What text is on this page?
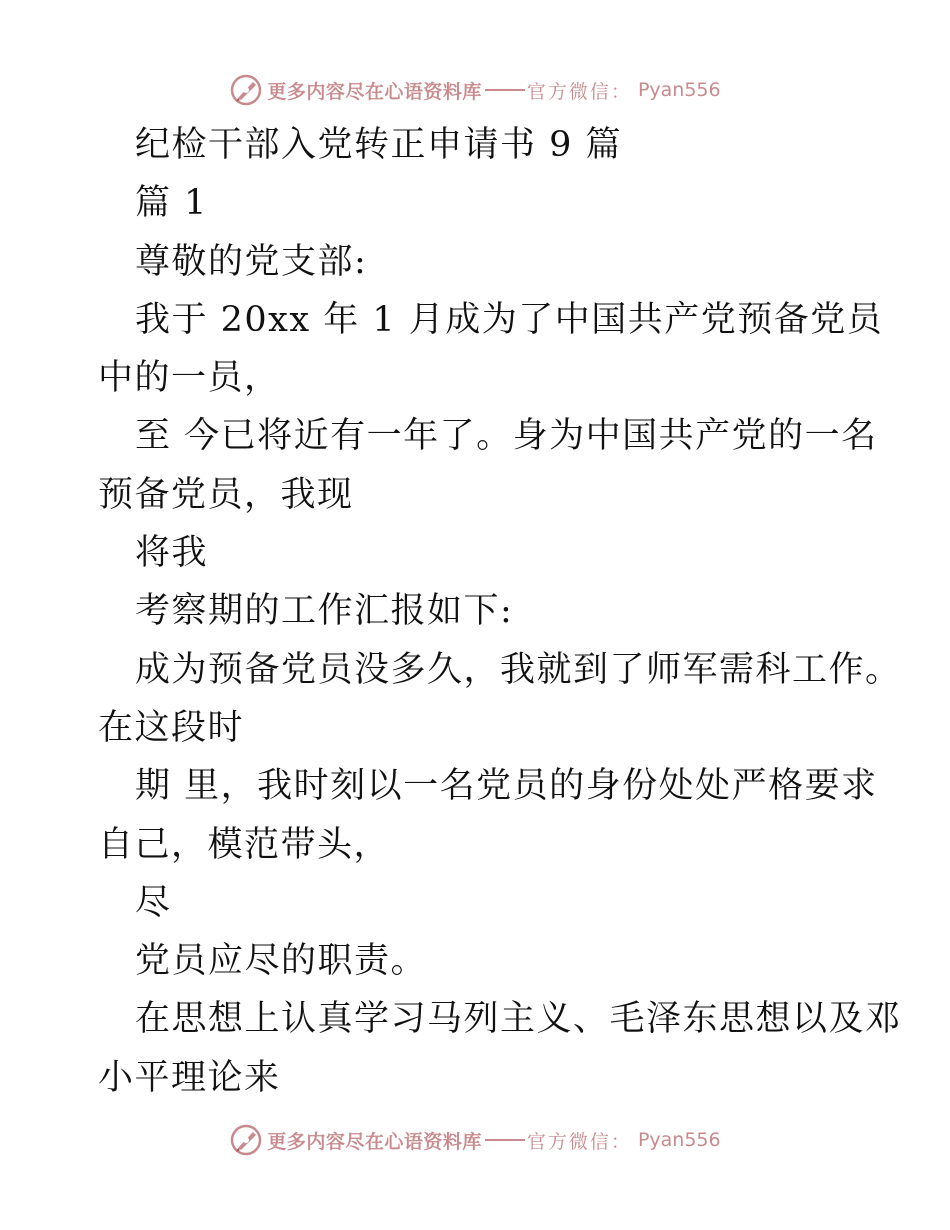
更多内容尽在心语资料库 官方微信： Pyan556
纪检干部入党转正申请书 9 篇
篇 1
尊敬的党支部:
我于 20xx 年 1 月成为了中国共产党预备党员
中的一员，
至 今已将近有一年了。身为中国共产党的一名
预备党员，我现
将我
考察期的工作汇报如下:
成为预备党员没多久，我就到了师军需科工作。
在这段时
期 里，我时刻以一名党员的身份处处严格要求
自己，模范带头，
尽
党员应尽的职责。
在思想上认真学习马列主义、毛泽东思想以及邓
小平理论来
更多内容尽在心语资料库 官方微信： Pyan556
